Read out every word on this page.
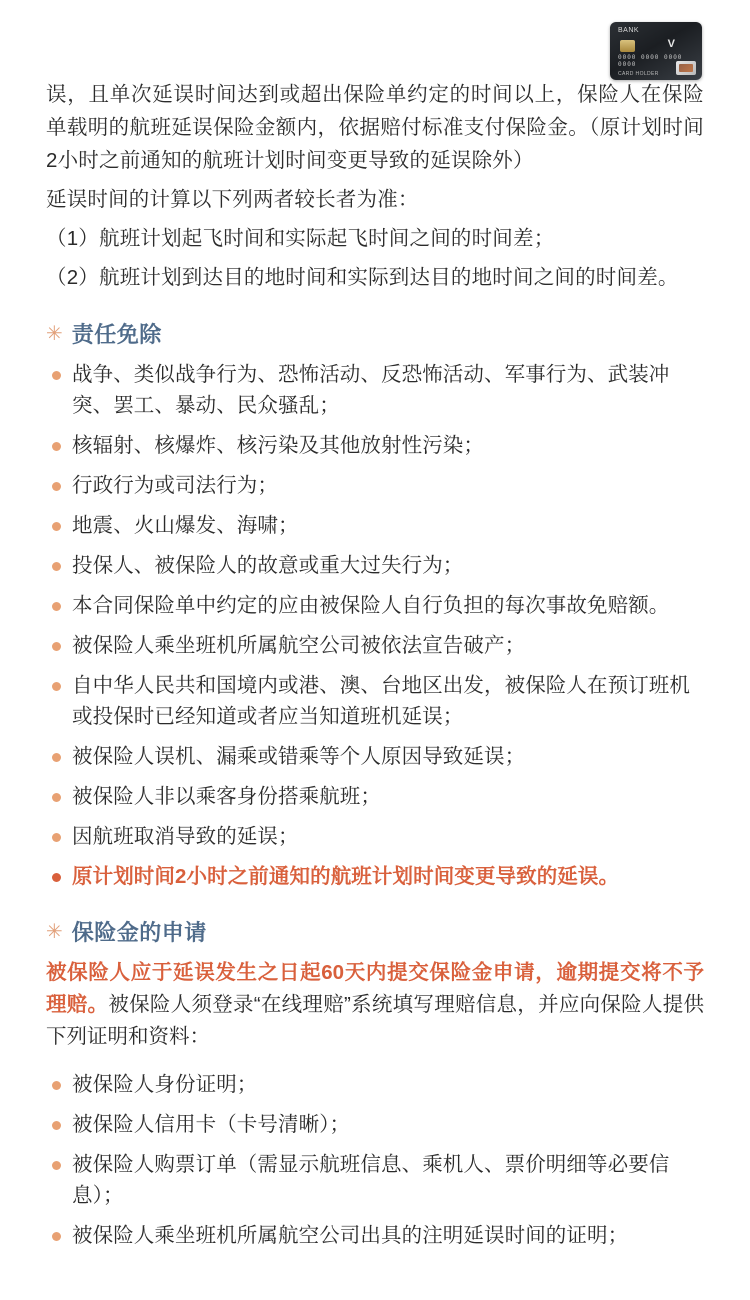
BANK
V
0000 0000 0000 0000
CARD HOLDER

误，且单次延误时间达到或超出保险单约定的时间以上，保险人在保险单载明的航班延误保险金额内，依据赔付标准支付保险金。（原计划时间2小时之前通知的航班计划时间变更导致的延误除外）

延误时间的计算以下列两者较长者为准：

（1）航班计划起飞时间和实际起飞时间之间的时间差；

（2）航班计划到达目的地时间和实际到达目的地时间之间的时间差。

✳ 责任免除
战争、类似战争行为、恐怖活动、反恐怖活动、军事行为、武装冲突、罢工、暴动、民众骚乱；
核辐射、核爆炸、核污染及其他放射性污染；
行政行为或司法行为；
地震、火山爆发、海啸；
投保人、被保险人的故意或重大过失行为；
本合同保险单中约定的应由被保险人自行负担的每次事故免赔额。
被保险人乘坐班机所属航空公司被依法宣告破产；
自中华人民共和国境内或港、澳、台地区出发，被保险人在预订班机或投保时已经知道或者应当知道班机延误；
被保险人误机、漏乘或错乘等个人原因导致延误；
被保险人非以乘客身份搭乘航班；
因航班取消导致的延误；
原计划时间2小时之前通知的航班计划时间变更导致的延误。
✳ 保险金的申请

被保险人应于延误发生之日起60天内提交保险金申请，逾期提交将不予理赔。被保险人须登录“在线理赔”系统填写理赔信息，并应向保险人提供下列证明和资料：

被保险人身份证明；
被保险人信用卡（卡号清晰）；
被保险人购票订单（需显示航班信息、乘机人、票价明细等必要信息）；
被保险人乘坐班机所属航空公司出具的注明延误时间的证明；
